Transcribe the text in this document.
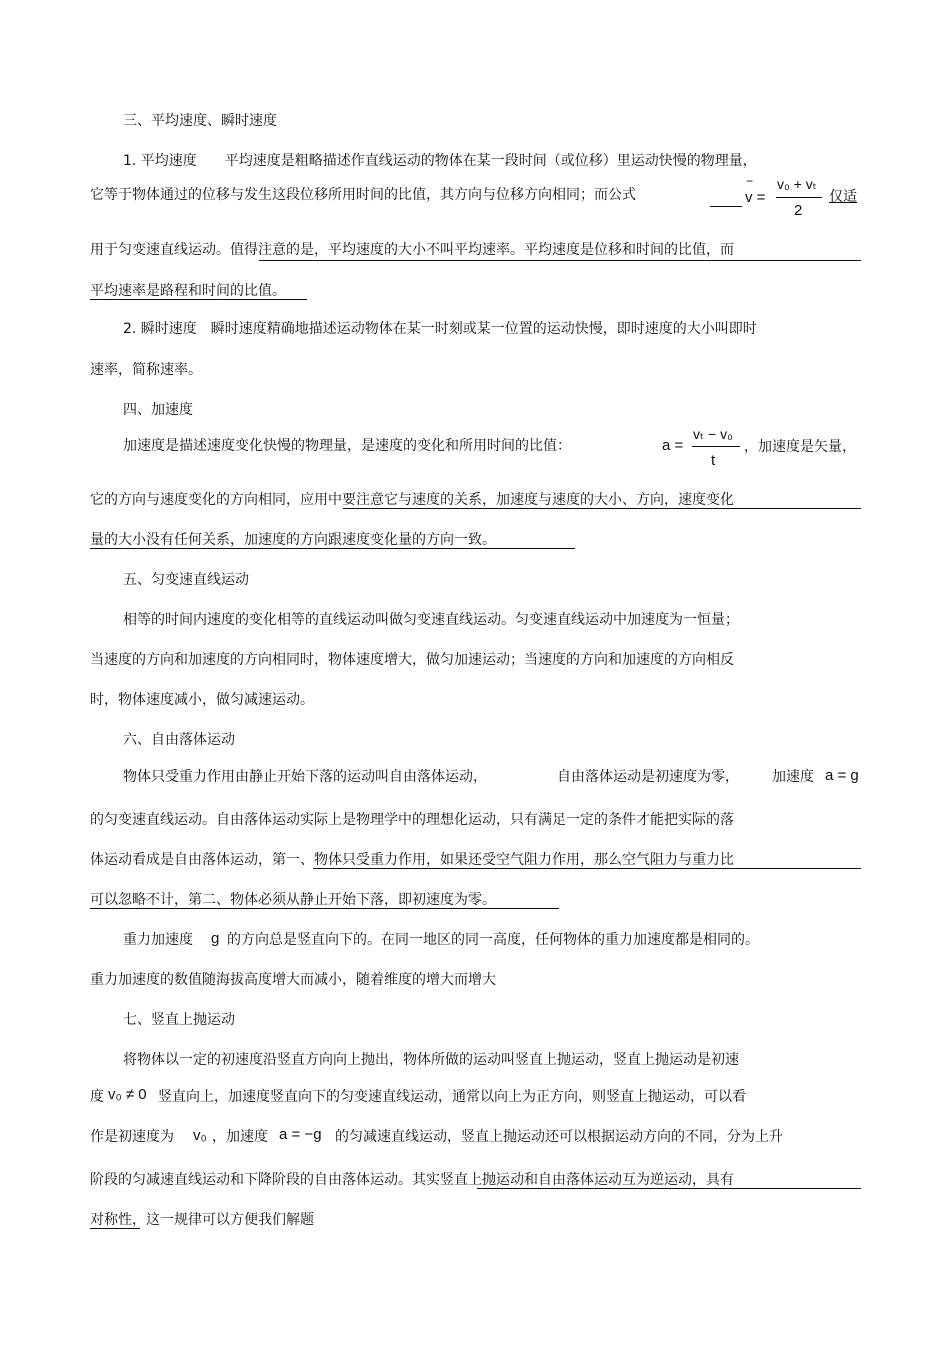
三、平均速度、瞬时速度
1. 平均速度　　平均速度是粗略描述作直线运动的物体在某一段时间（或位移）里运动快慢的物理量，
它等于物体通过的位移与发生这段位移所用时间的比值，其方向与位移方向相同；而公式
−
v =
v₀ + vₜ
2
仅适
用于匀变速直线运动。值得注意的是，平均速度的大小不叫平均速率。平均速度是位移和时间的比值，而
平均速率是路程和时间的比值。
2. 瞬时速度　瞬时速度精确地描述运动物体在某一时刻或某一位置的运动快慢，即时速度的大小叫即时
速率，简称速率。
四、加速度
加速度是描述速度变化快慢的物理量，是速度的变化和所用时间的比值：	a =
vₜ − v₀
t
，加速度是矢量，
它的方向与速度变化的方向相同，应用中要注意它与速度的关系，加速度与速度的大小、方向，速度变化
量的大小没有任何关系，加速度的方向跟速度变化量的方向一致。
五、匀变速直线运动
相等的时间内速度的变化相等的直线运动叫做匀变速直线运动。匀变速直线运动中加速度为一恒量；
当速度的方向和加速度的方向相同时，物体速度增大，做匀加速运动；当速度的方向和加速度的方向相反
时，物体速度减小，做匀减速运动。
六、自由落体运动
物体只受重力作用由静止开始下落的运动叫自由落体运动，	自由落体运动是初速度为零， 加速度 a = g
的匀变速直线运动。自由落体运动实际上是物理学中的理想化运动，只有满足一定的条件才能把实际的落
体运动看成是自由落体运动，第一、物体只受重力作用，如果还受空气阻力作用，那么空气阻力与重力比
可以忽略不计，第二、物体必须从静止开始下落，即初速度为零。
重力加速度 g 的方向总是竖直向下的。在同一地区的同一高度，任何物体的重力加速度都是相同的。
重力加速度的数值随海拔高度增大而减小，随着维度的增大而增大
七、竖直上抛运动
将物体以一定的初速度沿竖直方向向上抛出，物体所做的运动叫竖直上抛运动，竖直上抛运动是初速
度 v₀ ≠ 0 竖直向上，加速度竖直向下的匀变速直线运动，通常以向上为正方向，则竖直上抛运动，可以看
作是初速度为 v₀ ，加速度 a = −g 的匀减速直线运动，竖直上抛运动还可以根据运动方向的不同，分为上升
阶段的匀减速直线运动和下降阶段的自由落体运动。其实竖直上抛运动和自由落体运动互为逆运动，具有
对称性，这一规律可以方便我们解题
